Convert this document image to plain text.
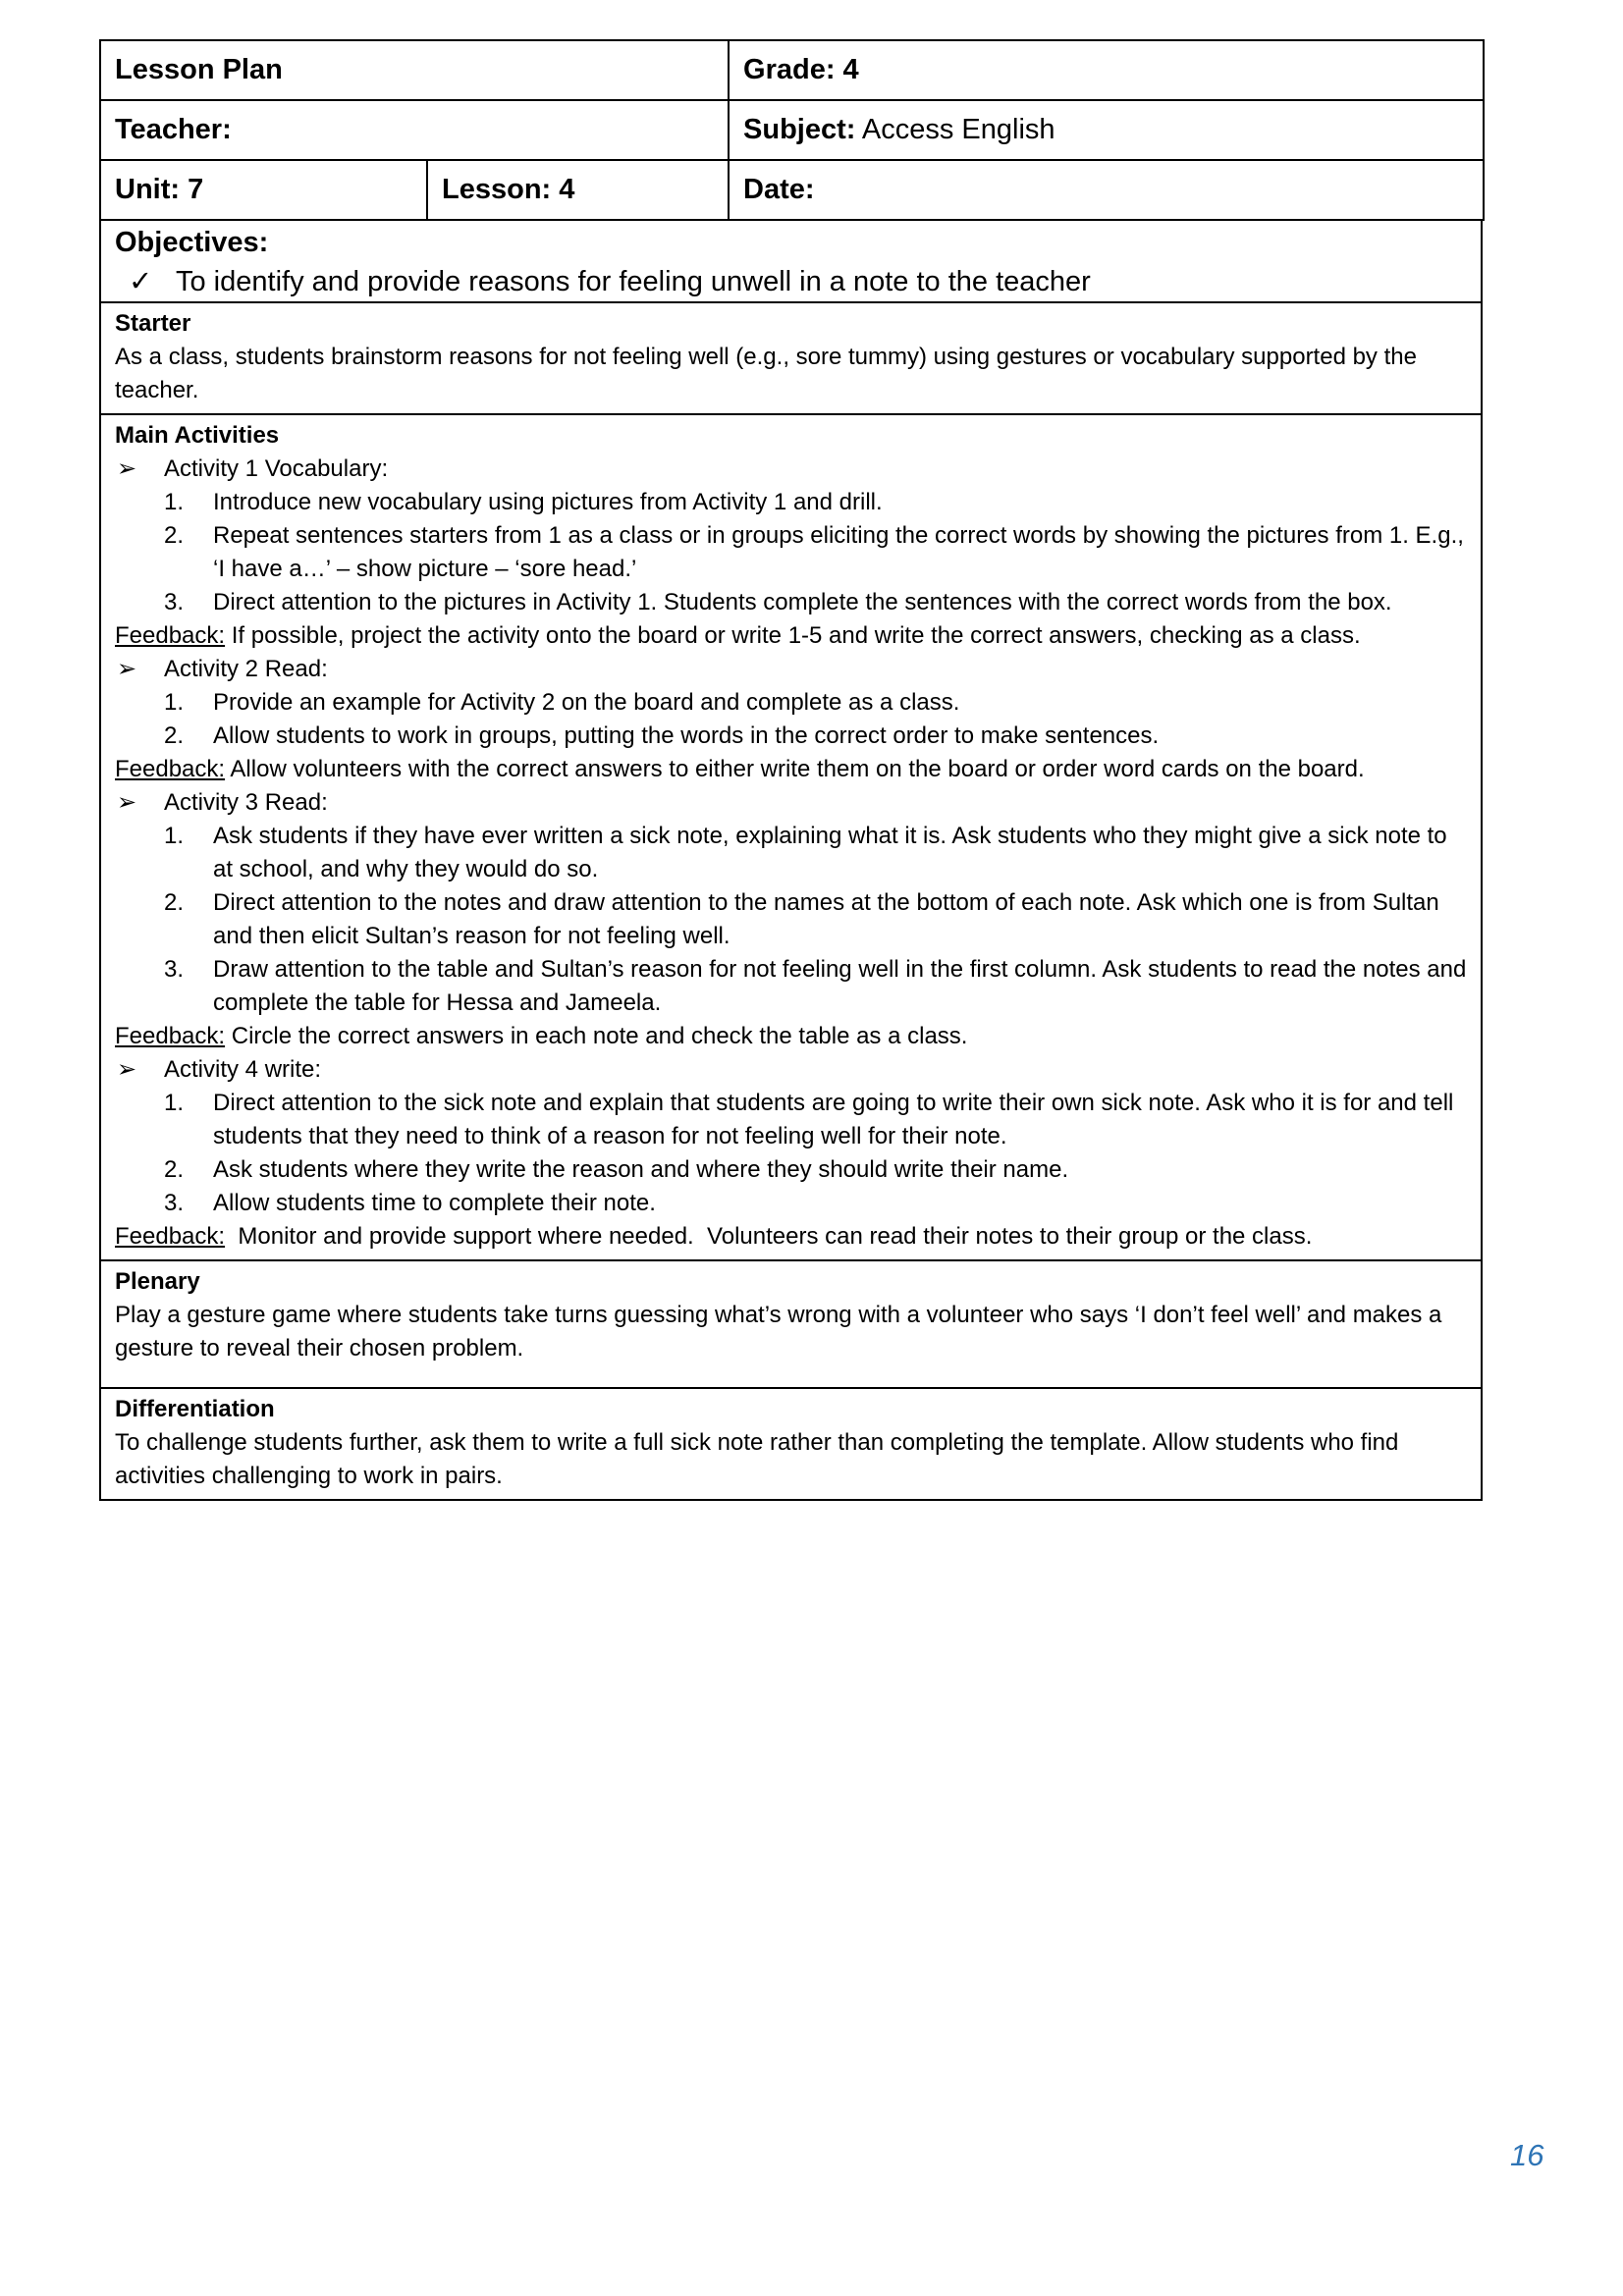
Lesson Plan		Grade: 4
Teacher:		Subject: Access English
Unit: 7	Lesson: 4	Date:
Objectives:
✓ To identify and provide reasons for feeling unwell in a note to the teacher
Starter
As a class, students brainstorm reasons for not feeling well (e.g., sore tummy) using gestures or vocabulary supported by the teacher.
Main Activities
➢ Activity 1 Vocabulary:
1. Introduce new vocabulary using pictures from Activity 1 and drill.
2. Repeat sentences starters from 1 as a class or in groups eliciting the correct words by showing the pictures from 1. E.g., ‘I have a…’ – show picture – ‘sore head.’
3. Direct attention to the pictures in Activity 1. Students complete the sentences with the correct words from the box.
Feedback: If possible, project the activity onto the board or write 1-5 and write the correct answers, checking as a class.
➢ Activity 2 Read:
1. Provide an example for Activity 2 on the board and complete as a class.
2. Allow students to work in groups, putting the words in the correct order to make sentences.
Feedback: Allow volunteers with the correct answers to either write them on the board or order word cards on the board.
➢ Activity 3 Read:
1. Ask students if they have ever written a sick note, explaining what it is. Ask students who they might give a sick note to at school, and why they would do so.
2. Direct attention to the notes and draw attention to the names at the bottom of each note. Ask which one is from Sultan and then elicit Sultan’s reason for not feeling well.
3. Draw attention to the table and Sultan’s reason for not feeling well in the first column. Ask students to read the notes and complete the table for Hessa and Jameela.
Feedback: Circle the correct answers in each note and check the table as a class.
➢ Activity 4 write:
1. Direct attention to the sick note and explain that students are going to write their own sick note. Ask who it is for and tell students that they need to think of a reason for not feeling well for their note.
2. Ask students where they write the reason and where they should write their name.
3. Allow students time to complete their note.
Feedback:  Monitor and provide support where needed.  Volunteers can read their notes to their group or the class.
Plenary
Play a gesture game where students take turns guessing what’s wrong with a volunteer who says ‘I don’t feel well’ and makes a gesture to reveal their chosen problem.
Differentiation
To challenge students further, ask them to write a full sick note rather than completing the template. Allow students who find activities challenging to work in pairs.
16
